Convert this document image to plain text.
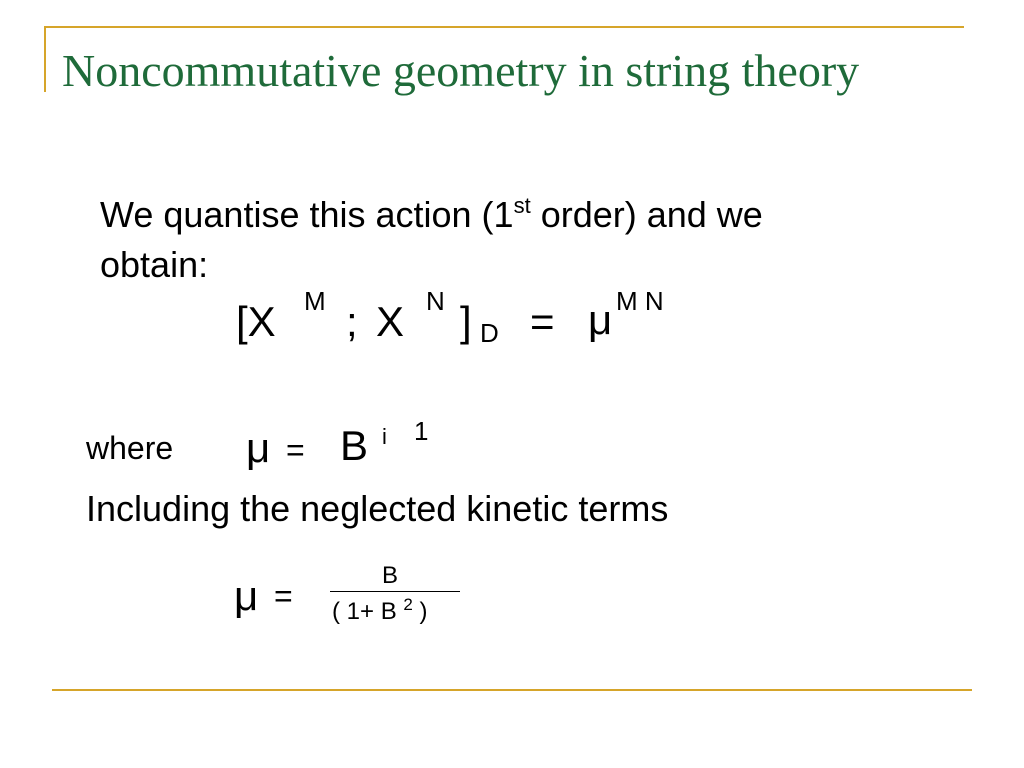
Noncommutative geometry in string theory
We quantise this action (1st order) and we
obtain:
[X M ; X N ] D = μ M N
where μ = B i 1
Including the neglected kinetic terms
μ =
B
( 1+ B $^2$ )
